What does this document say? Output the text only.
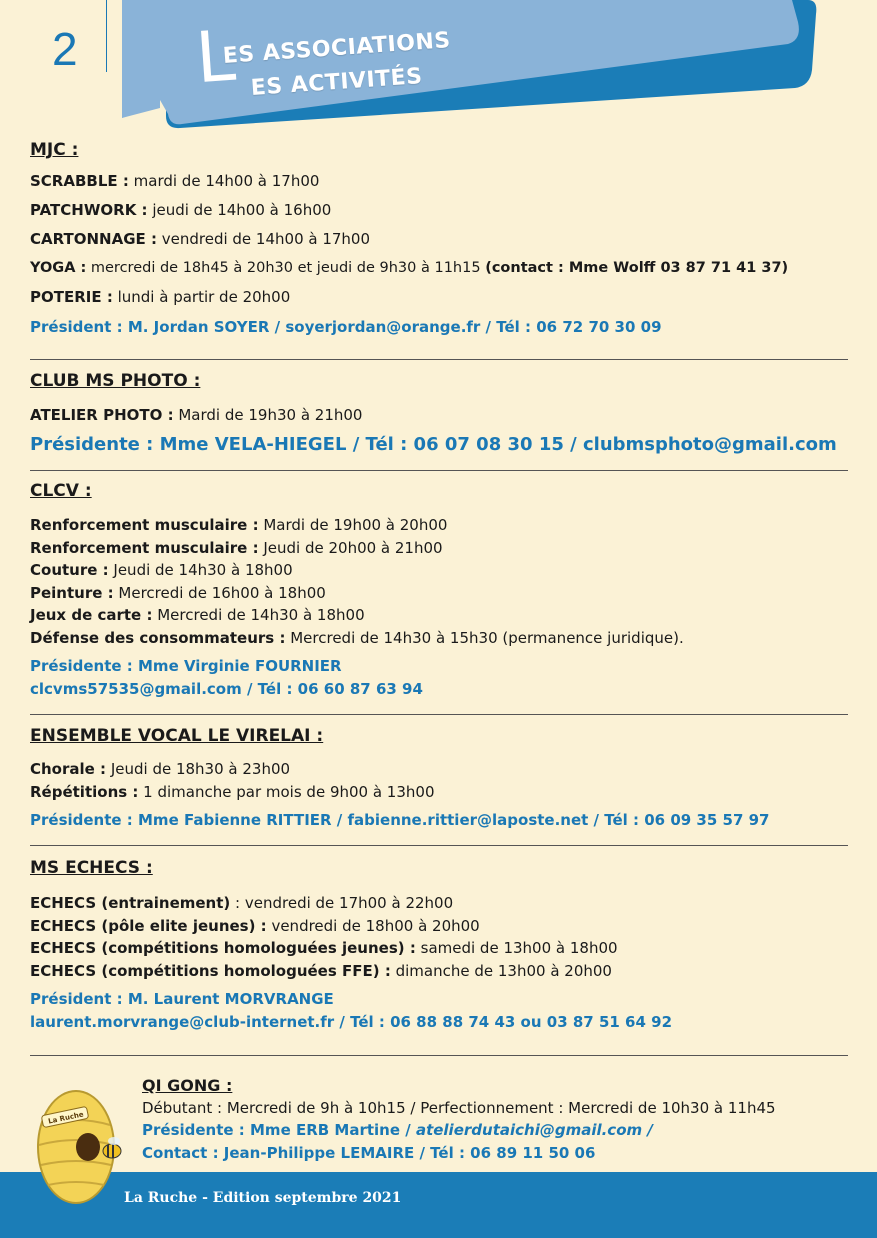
2 L
ES ASSOCIATIONS
ES ACTIVITÉS
MJC :
SCRABBLE : mardi de 14h00 à 17h00
PATCHWORK : jeudi de 14h00 à 16h00
CARTONNAGE : vendredi de 14h00 à 17h00
YOGA : mercredi de 18h45 à 20h30 et jeudi de 9h30 à 11h15 (contact : Mme Wolff 03 87 71 41 37)
POTERIE : lundi à partir de 20h00
Président : M. Jordan SOYER / soyerjordan@orange.fr / Tél : 06 72 70 30 09
CLUB MS PHOTO :
ATELIER PHOTO : Mardi de 19h30 à 21h00
Présidente : Mme VELA-HIEGEL / Tél : 06 07 08 30 15 / clubmsphoto@gmail.com
CLCV :
Renforcement musculaire : Mardi de 19h00 à 20h00
Renforcement musculaire : Jeudi de 20h00 à 21h00
Couture : Jeudi de 14h30 à 18h00
Peinture : Mercredi de 16h00 à 18h00
Jeux de carte : Mercredi de 14h30 à 18h00
Défense des consommateurs : Mercredi de 14h30 à 15h30 (permanence juridique).
Présidente : Mme Virginie FOURNIER
clcvms57535@gmail.com / Tél : 06 60 87 63 94
ENSEMBLE VOCAL LE VIRELAI :
Chorale : Jeudi de 18h30 à 23h00
Répétitions : 1 dimanche par mois de 9h00 à 13h00
Présidente : Mme Fabienne RITTIER / fabienne.rittier@laposte.net / Tél : 06 09 35 57 97
MS ECHECS :
ECHECS (entrainement) : vendredi de 17h00 à 22h00
ECHECS (pôle elite jeunes) : vendredi de 18h00 à 20h00
ECHECS (compétitions homologuées jeunes) : samedi de 13h00 à 18h00
ECHECS (compétitions homologuées FFE) : dimanche de 13h00 à 20h00
Président : M. Laurent MORVRANGE
laurent.morvrange@club-internet.fr / Tél : 06 88 88 74 43 ou 03 87 51 64 92
La Ruche - Edition septembre 2021
La Ruche
QI GONG :
Débutant : Mercredi de 9h à 10h15 / Perfectionnement : Mercredi de 10h30 à 11h45
Présidente : Mme ERB Martine / atelierdutaichi@gmail.com /
Contact : Jean-Philippe LEMAIRE / Tél : 06 89 11 50 06
